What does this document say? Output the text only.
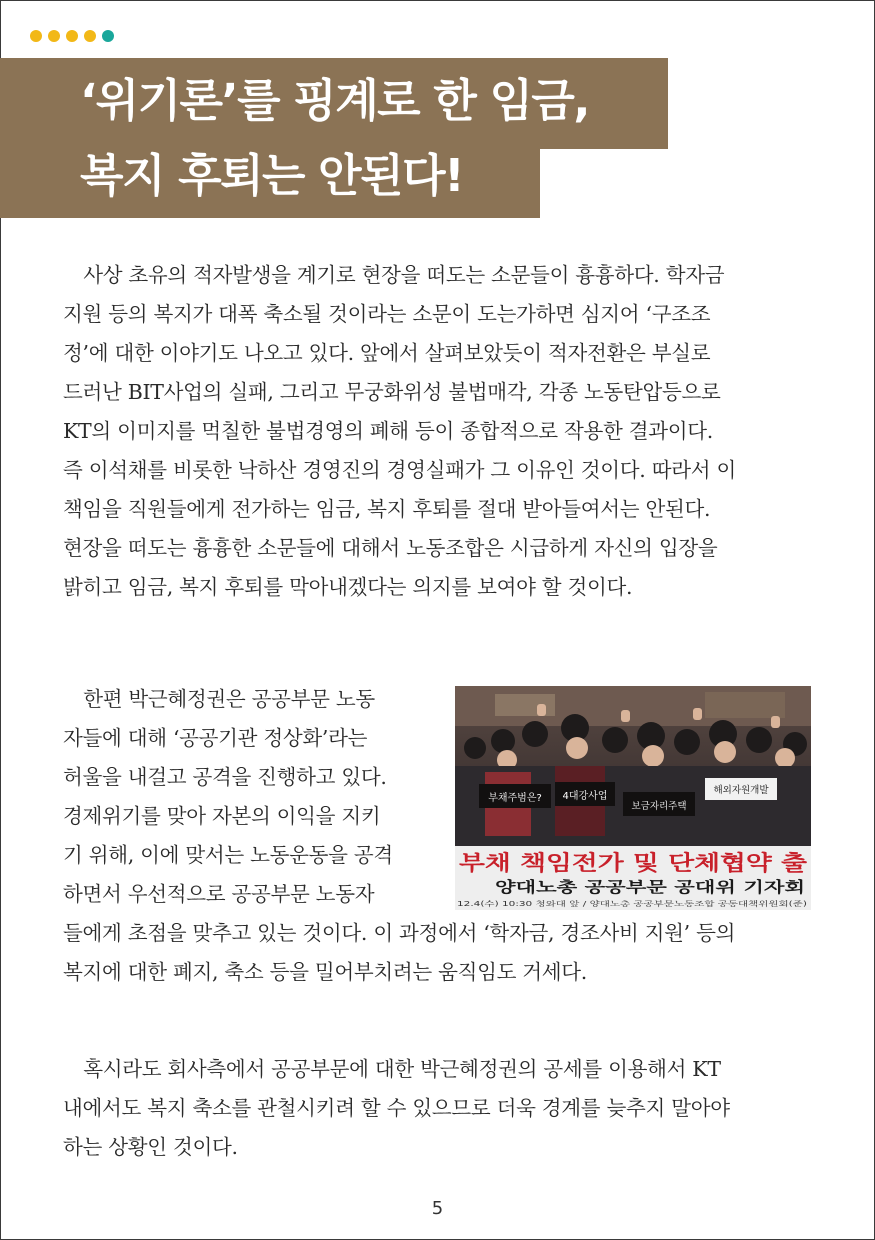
‘위기론’를 핑계로 한 임금,
복지 후퇴는 안된다!
　사상 초유의 적자발생을 계기로 현장을 떠도는 소문들이 흉흉하다. 학자금
지원 등의 복지가 대폭 축소될 것이라는 소문이 도는가하면 심지어 ‘구조조
정’에 대한 이야기도 나오고 있다. 앞에서 살펴보았듯이 적자전환은 부실로
드러난 BIT사업의 실패, 그리고 무궁화위성 불법매각, 각종 노동탄압등으로
KT의 이미지를 먹칠한 불법경영의 폐해 등이 종합적으로 작용한 결과이다.
즉 이석채를 비롯한 낙하산 경영진의 경영실패가 그 이유인 것이다. 따라서 이
책임을 직원들에게 전가하는 임금, 복지 후퇴를 절대 받아들여서는 안된다.
현장을 떠도는 흉흉한 소문들에 대해서 노동조합은 시급하게 자신의 입장을
밝히고 임금, 복지 후퇴를 막아내겠다는 의지를 보여야 할 것이다.
　한편 박근혜정권은 공공부문 노동
자들에 대해 ‘공공기관 정상화’라는
허울을 내걸고 공격을 진행하고 있다.
경제위기를 맞아 자본의 이익을 지키
기 위해, 이에 맞서는 노동운동을 공격
하면서 우선적으로 공공부문 노동자
들에게 초점을 맞추고 있는 것이다. 이 과정에서 ‘학자금, 경조사비 지원’ 등의
복지에 대한 폐지, 축소 등을 밀어부치려는 움직임도 거세다.
　혹시라도 회사측에서 공공부문에 대한 박근혜정권의 공세를 이용해서 KT
내에서도 복지 축소를 관철시키려 할 수 있으므로 더욱 경계를 늦추지 말아야
하는 상황인 것이다.
부채주범은? 4대강사업
보금자리주택
해외자원개발
부채 책임전가 및 단체협약 출
양대노총 공공부문 공대위 기자회
12.4(수) 10:30 청와대 앞 / 양대노총 공공부문노동조합 공동대책위원회(준)
5
